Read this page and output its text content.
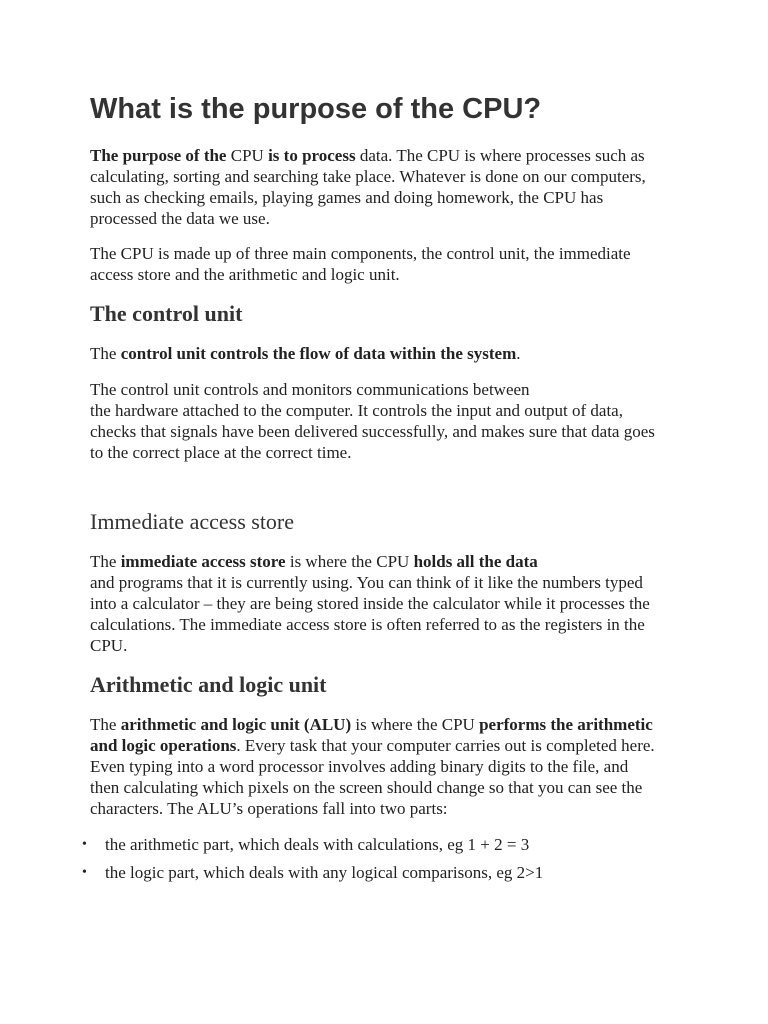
What is the purpose of the CPU?

The purpose of the CPU is to process data. The CPU is where processes such as
calculating, sorting and searching take place. Whatever is done on our computers,
such as checking emails, playing games and doing homework, the CPU has
processed the data we use.

The CPU is made up of three main components, the control unit, the immediate
access store and the arithmetic and logic unit.

The control unit

The control unit controls the flow of data within the system.

The control unit controls and monitors communications between
the hardware attached to the computer. It controls the input and output of data,
checks that signals have been delivered successfully, and makes sure that data goes
to the correct place at the correct time.

Immediate access store

The immediate access store is where the CPU holds all the data
and programs that it is currently using. You can think of it like the numbers typed
into a calculator – they are being stored inside the calculator while it processes the
calculations. The immediate access store is often referred to as the registers in the
CPU.

Arithmetic and logic unit

The arithmetic and logic unit (ALU) is where the CPU performs the arithmetic
and logic operations. Every task that your computer carries out is completed here.
Even typing into a word processor involves adding binary digits to the file, and
then calculating which pixels on the screen should change so that you can see the
characters. The ALU’s operations fall into two parts:

• the arithmetic part, which deals with calculations, eg 1 + 2 = 3
• the logic part, which deals with any logical comparisons, eg 2>1
